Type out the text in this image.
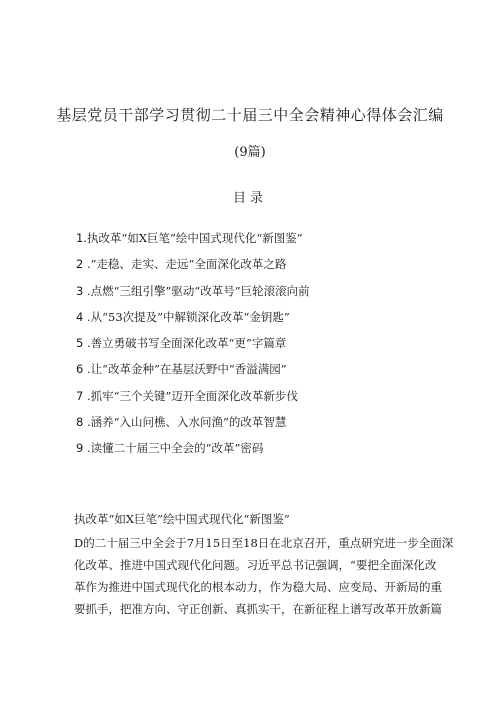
基层党员干部学习贯彻二十届三中全会精神心得体会汇编
(9篇)
目录
1.执改革“如X巨笔”绘中国式现代化“新图鉴”
2 .”走稳、走实、走远”全面深化改革之路
3 .点燃“三组引擎”驱动“改革号”巨轮滚滚向前
4 .从“53次提及”中解锁深化改革“金钥匙”
5 .善立勇破书写全面深化改革“更”字篇章
6 .让“改革金种”在基层沃野中“香溢满园”
7 .抓牢“三个关键”迈开全面深化改革新步伐
8 .涵养“入山问樵、入水问渔”的改革智慧
9 .读懂二十届三中全会的“改革”密码
执改革“如X巨笔”绘中国式现代化“新图鉴”
D的二十届三中全会于7月15日至18日在北京召开，重点研究进一步全面深
化改革、推进中国式现代化问题。习近平总书记强调，“要把全面深化改
革作为推进中国式现代化的根本动力，作为稳大局、应变局、开新局的重
要抓手，把准方向、守正创新、真抓实干，在新征程上谱写改革开放新篇
